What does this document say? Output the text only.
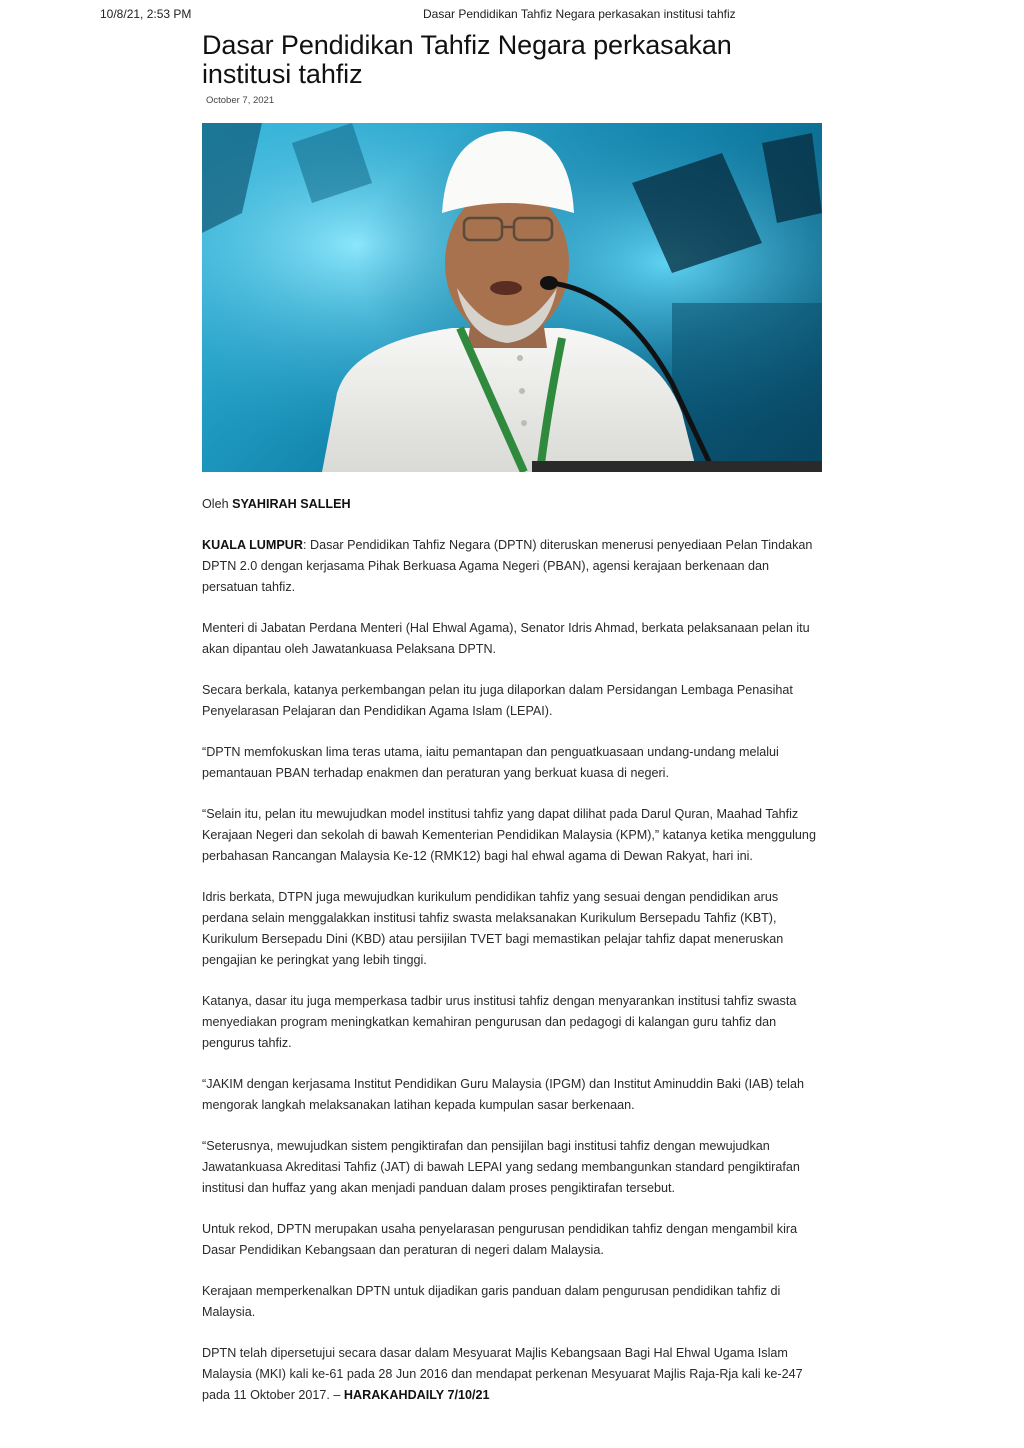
10/8/21, 2:53 PM	Dasar Pendidikan Tahfiz Negara perkasakan institusi tahfiz
Dasar Pendidikan Tahfiz Negara perkasakan institusi tahfiz
October 7, 2021

Oleh SYAHIRAH SALLEH

KUALA LUMPUR: Dasar Pendidikan Tahfiz Negara (DPTN) diteruskan menerusi penyediaan Pelan Tindakan DPTN 2.0 dengan kerjasama Pihak Berkuasa Agama Negeri (PBAN), agensi kerajaan berkenaan dan persatuan tahfiz.

Menteri di Jabatan Perdana Menteri (Hal Ehwal Agama), Senator Idris Ahmad, berkata pelaksanaan pelan itu akan dipantau oleh Jawatankuasa Pelaksana DPTN.

Secara berkala, katanya perkembangan pelan itu juga dilaporkan dalam Persidangan Lembaga Penasihat Penyelarasan Pelajaran dan Pendidikan Agama Islam (LEPAI).

“DPTN memfokuskan lima teras utama, iaitu pemantapan dan penguatkuasaan undang-undang melalui pemantauan PBAN terhadap enakmen dan peraturan yang berkuat kuasa di negeri.

“Selain itu, pelan itu mewujudkan model institusi tahfiz yang dapat dilihat pada Darul Quran, Maahad Tahfiz Kerajaan Negeri dan sekolah di bawah Kementerian Pendidikan Malaysia (KPM),” katanya ketika menggulung perbahasan Rancangan Malaysia Ke-12 (RMK12) bagi hal ehwal agama di Dewan Rakyat, hari ini.

Idris berkata, DTPN juga mewujudkan kurikulum pendidikan tahfiz yang sesuai dengan pendidikan arus perdana selain menggalakkan institusi tahfiz swasta melaksanakan Kurikulum Bersepadu Tahfiz (KBT), Kurikulum Bersepadu Dini (KBD) atau persijilan TVET bagi memastikan pelajar tahfiz dapat meneruskan pengajian ke peringkat yang lebih tinggi.

Katanya, dasar itu juga memperkasa tadbir urus institusi tahfiz dengan menyarankan institusi tahfiz swasta menyediakan program meningkatkan kemahiran pengurusan dan pedagogi di kalangan guru tahfiz dan pengurus tahfiz.

“JAKIM dengan kerjasama Institut Pendidikan Guru Malaysia (IPGM) dan Institut Aminuddin Baki (IAB) telah mengorak langkah melaksanakan latihan kepada kumpulan sasar berkenaan.

“Seterusnya, mewujudkan sistem pengiktirafan dan pensijilan bagi institusi tahfiz dengan mewujudkan Jawatankuasa Akreditasi Tahfiz (JAT) di bawah LEPAI yang sedang membangunkan standard pengiktirafan institusi dan huffaz yang akan menjadi panduan dalam proses pengiktirafan tersebut.

Untuk rekod, DPTN merupakan usaha penyelarasan pengurusan pendidikan tahfiz dengan mengambil kira Dasar Pendidikan Kebangsaan dan peraturan di negeri dalam Malaysia.

Kerajaan memperkenalkan DPTN untuk dijadikan garis panduan dalam pengurusan pendidikan tahfiz di Malaysia.

DPTN telah dipersetujui secara dasar dalam Mesyuarat Majlis Kebangsaan Bagi Hal Ehwal Ugama Islam Malaysia (MKI) kali ke-61 pada 28 Jun 2016 dan mendapat perkenan Mesyuarat Majlis Raja-Rja kali ke-247 pada 11 Oktober 2017. – HARAKAHDAILY 7/10/21
